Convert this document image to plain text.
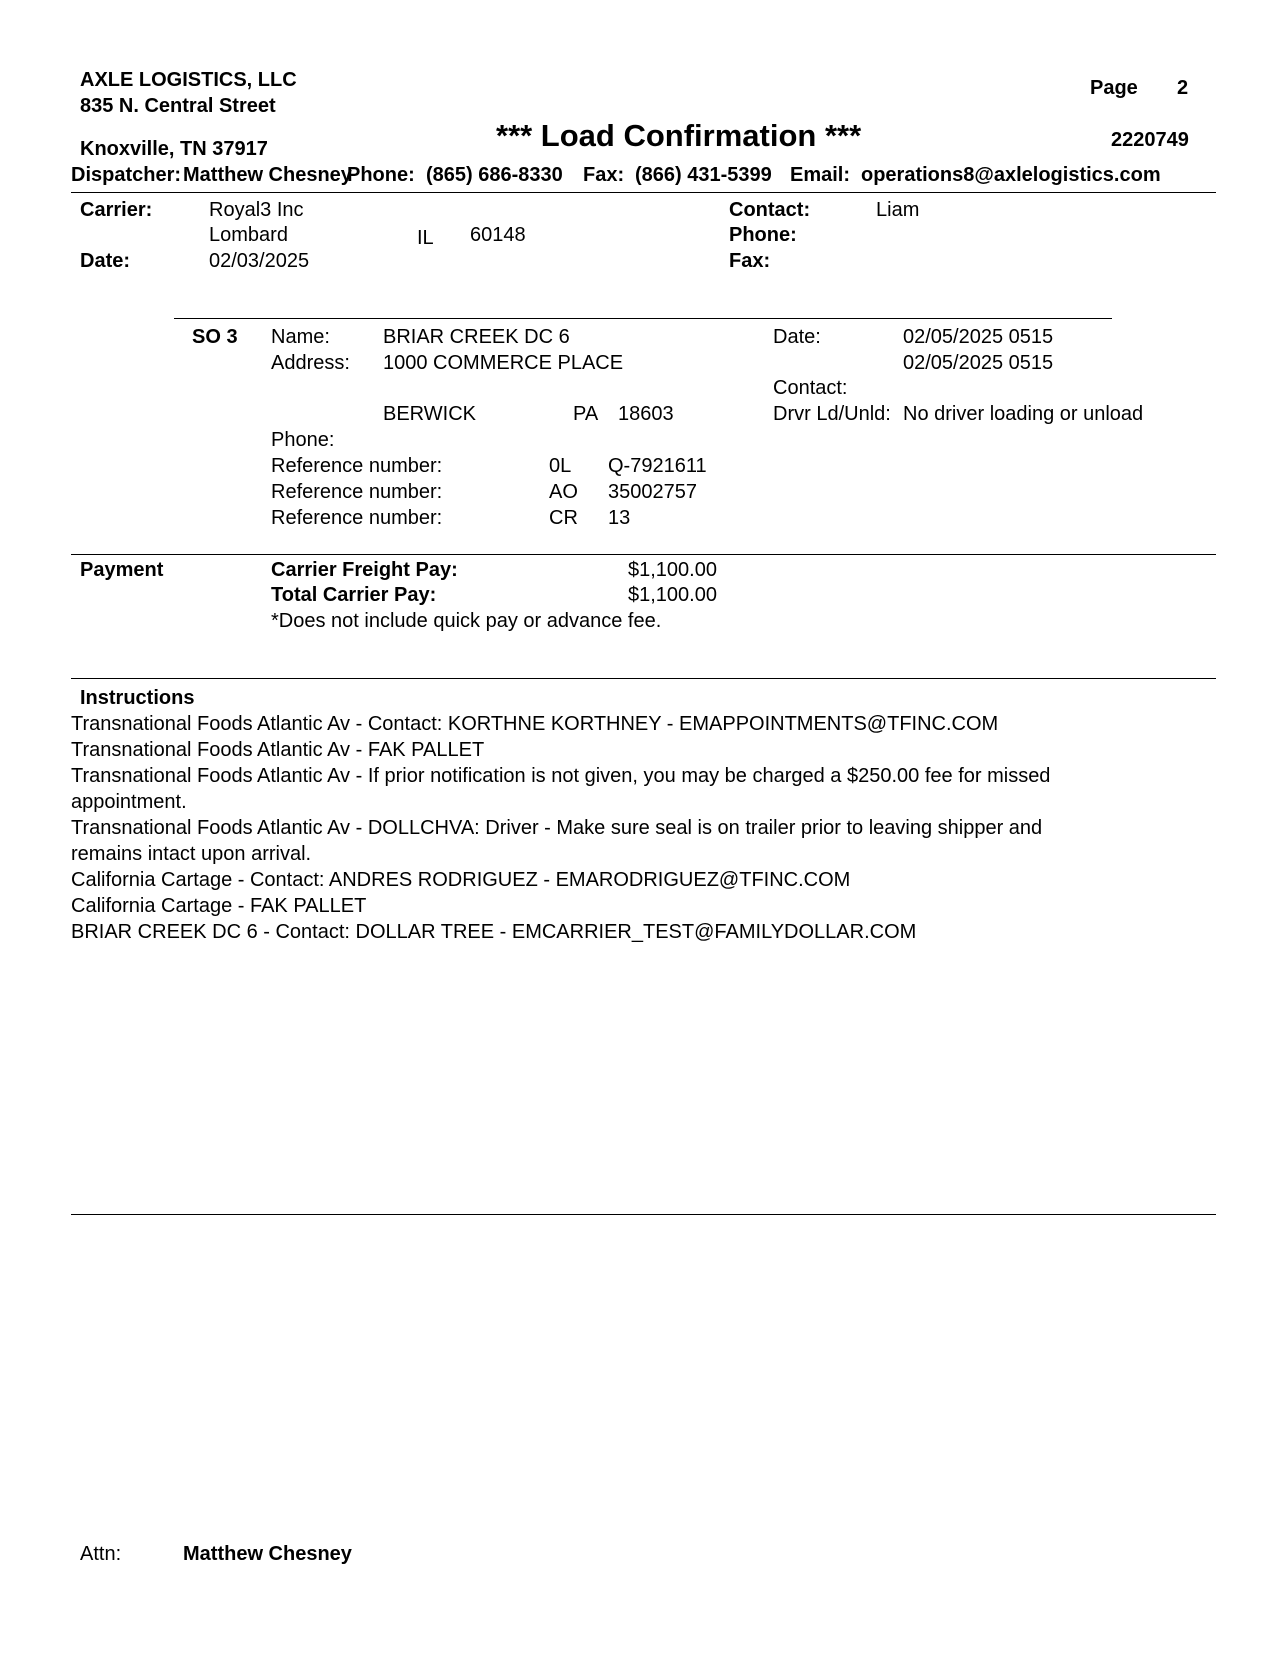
AXLE LOGISTICS, LLC
835 N. Central Street
Knoxville, TN 37917
Page 2
*** Load Confirmation ***	2220749
Dispatcher: Matthew Chesney
Phone: (865) 686-8330 Fax: (866) 431-5399 Email: operations8@axlelogistics.com
Carrier:	Royal3 Inc
Lombard	IL 60148
Date:	02/03/2025
Contact:	Liam
Phone:
Fax:
SO 3 Name:	BRIAR CREEK DC 6
Address: 1000 COMMERCE PLACE
BERWICK	PA 18603
Phone:
Date:	02/05/2025 0515
02/05/2025 0515
Contact:
Drvr Ld/Unld: No driver loading or unload
Reference number:	0L Q-7921611
Reference number:	AO 35002757
Reference number:	CR 13
Payment	Carrier Freight Pay:	$1,100.00
Total Carrier Pay:	$1,100.00
*Does not include quick pay or advance fee.
Instructions
Transnational Foods Atlantic Av - Contact: KORTHNE KORTHNEY - EMAPPOINTMENTS@TFINC.COM
Transnational Foods Atlantic Av - FAK PALLET
Transnational Foods Atlantic Av - If prior notification is not given, you may be charged a $250.00 fee for missed
appointment.
Transnational Foods Atlantic Av - DOLLCHVA: Driver - Make sure seal is on trailer prior to leaving shipper and
remains intact upon arrival.
California Cartage - Contact: ANDRES RODRIGUEZ - EMARODRIGUEZ@TFINC.COM
California Cartage - FAK PALLET
BRIAR CREEK DC 6 - Contact: DOLLAR TREE - EMCARRIER_TEST@FAMILYDOLLAR.COM
Attn:	Matthew Chesney
